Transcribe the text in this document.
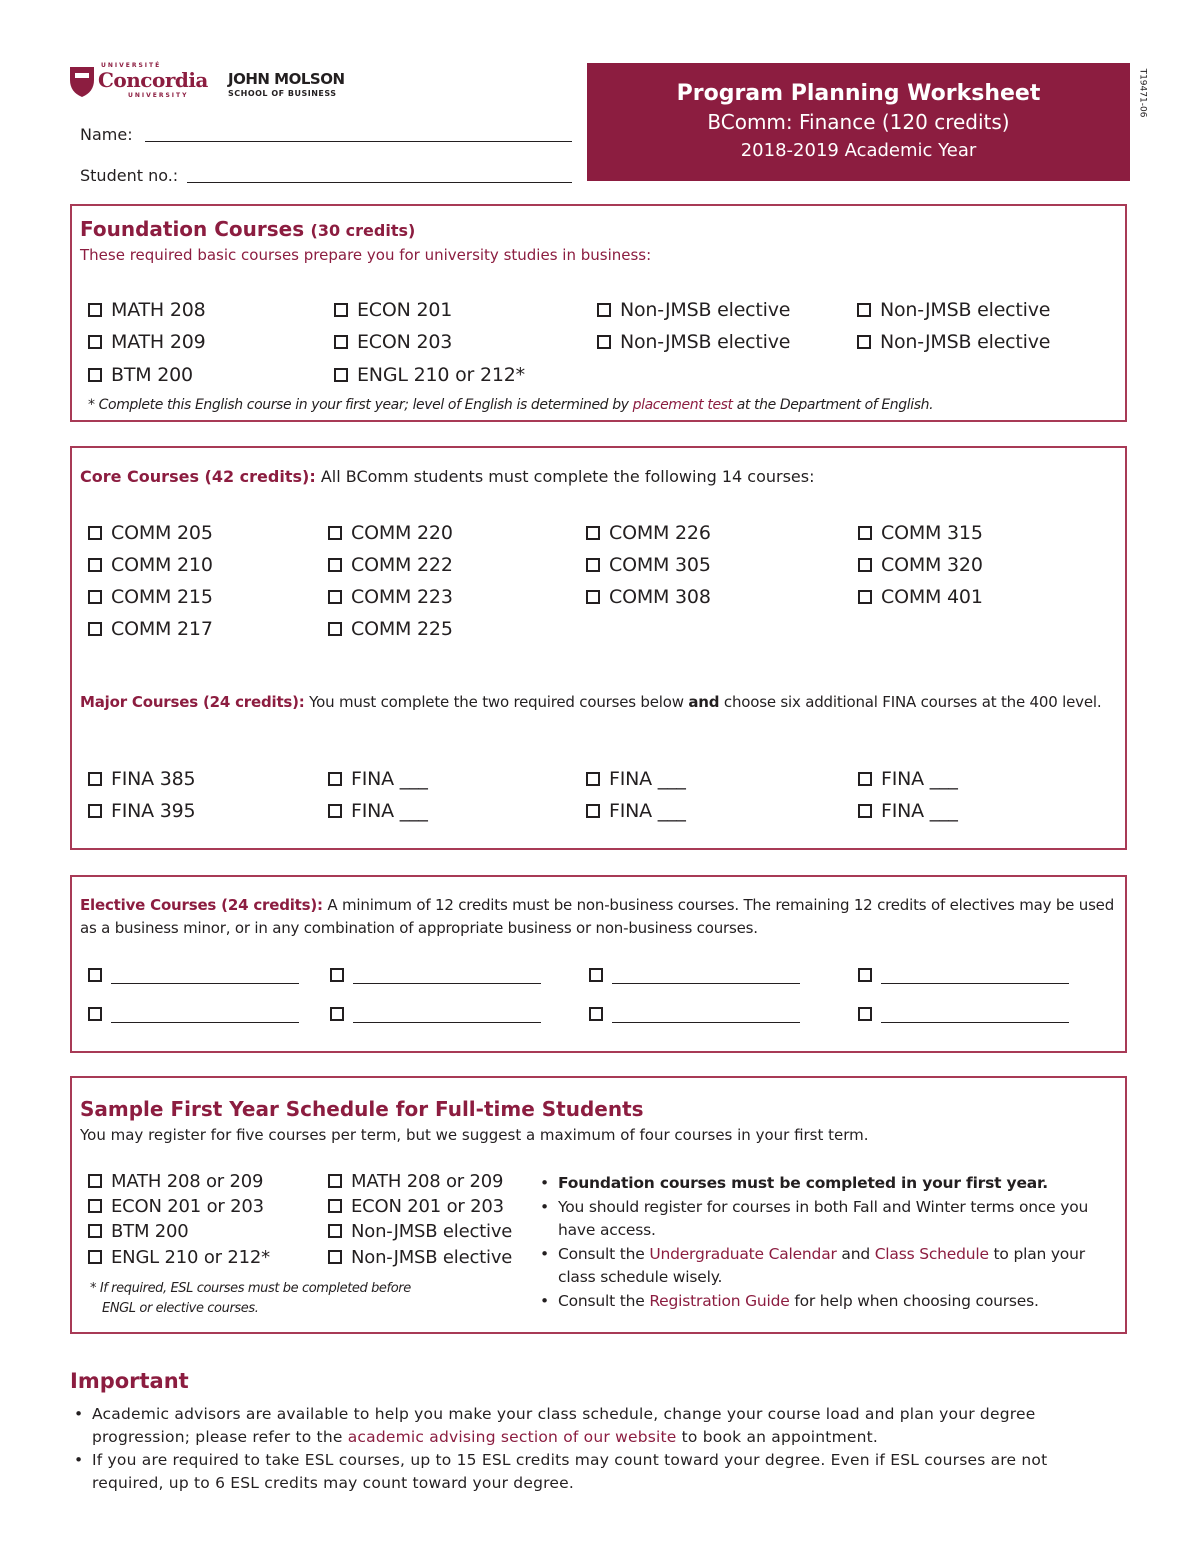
UNIVERSITÉ
Concordia
UNIVERSITY
JOHN MOLSON
SCHOOL OF BUSINESS
Name:
Student no.:
Program Planning Worksheet
BComm: Finance (120 credits)
2018-2019 Academic Year
T19471-06
Foundation Courses (30 credits)
These required basic courses prepare you for university studies in business:
MATH 208
MATH 209
BTM 200
ECON 201
ECON 203
ENGL 210 or 212*
Non-JMSB elective
Non-JMSB elective
Non-JMSB elective
Non-JMSB elective
* Complete this English course in your first year; level of English is determined by placement test at the Department of English.
Core Courses (42 credits): All BComm students must complete the following 14 courses:
COMM 205
COMM 210
COMM 215
COMM 217
COMM 220
COMM 222
COMM 223
COMM 225
COMM 226
COMM 305
COMM 308
COMM 315
COMM 320
COMM 401
Major Courses (24 credits): You must complete the two required courses below and choose six additional FINA courses at the 400 level.
FINA 385
FINA 395
FINA ___
FINA ___
FINA ___
FINA ___
FINA ___
FINA ___
Elective Courses (24 credits): A minimum of 12 credits must be non-business courses. The remaining 12 credits of electives may be used as a business minor, or in any combination of appropriate business or non-business courses.
Sample First Year Schedule for Full-time Students
You may register for five courses per term, but we suggest a maximum of four courses in your first term.
MATH 208 or 209
ECON 201 or 203
BTM 200
ENGL 210 or 212*
MATH 208 or 209
ECON 201 or 203
Non-JMSB elective
Non-JMSB elective
* If required, ESL courses must be completed before
ENGL or elective courses.
• Foundation courses must be completed in your first year.
• You should register for courses in both Fall and Winter terms once you have access.
• Consult the Undergraduate Calendar and Class Schedule to plan your class schedule wisely.
• Consult the Registration Guide for help when choosing courses.
Important
• Academic advisors are available to help you make your class schedule, change your course load and plan your degree progression; please refer to the academic advising section of our website to book an appointment.
• If you are required to take ESL courses, up to 15 ESL credits may count toward your degree. Even if ESL courses are not required, up to 6 ESL credits may count toward your degree.
